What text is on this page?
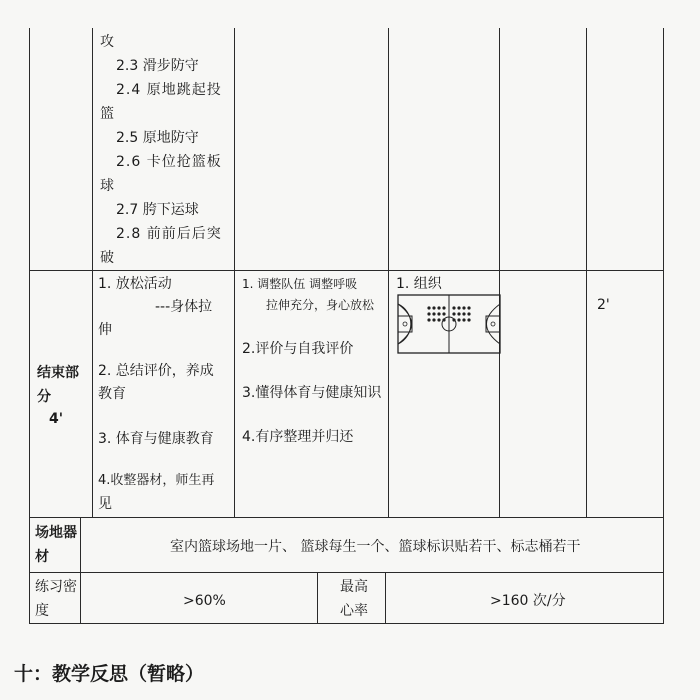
攻
2.3 滑步防守
2.4 原地跳起投
篮
2.5 原地防守
2.6 卡位抢篮板
球
2.7 胯下运球
2.8 前前后后突
破
结束部
分
4'
1. 放松活动
---身体拉
伸
2. 总结评价，养成
教育
3. 体育与健康教育
4.收整器材，师生再
见
1. 调整队伍 调整呼吸
拉伸充分，身心放松
2.评价与自我评价
3.懂得体育与健康知识
4.有序整理并归还
1. 组织
2'
场地器
材
室内篮球场地一片、 篮球每生一个、篮球标识贴若干、标志桶若干
练习密
度
>60%
最高
心率
>160 次/分
十：教学反思（暂略）
